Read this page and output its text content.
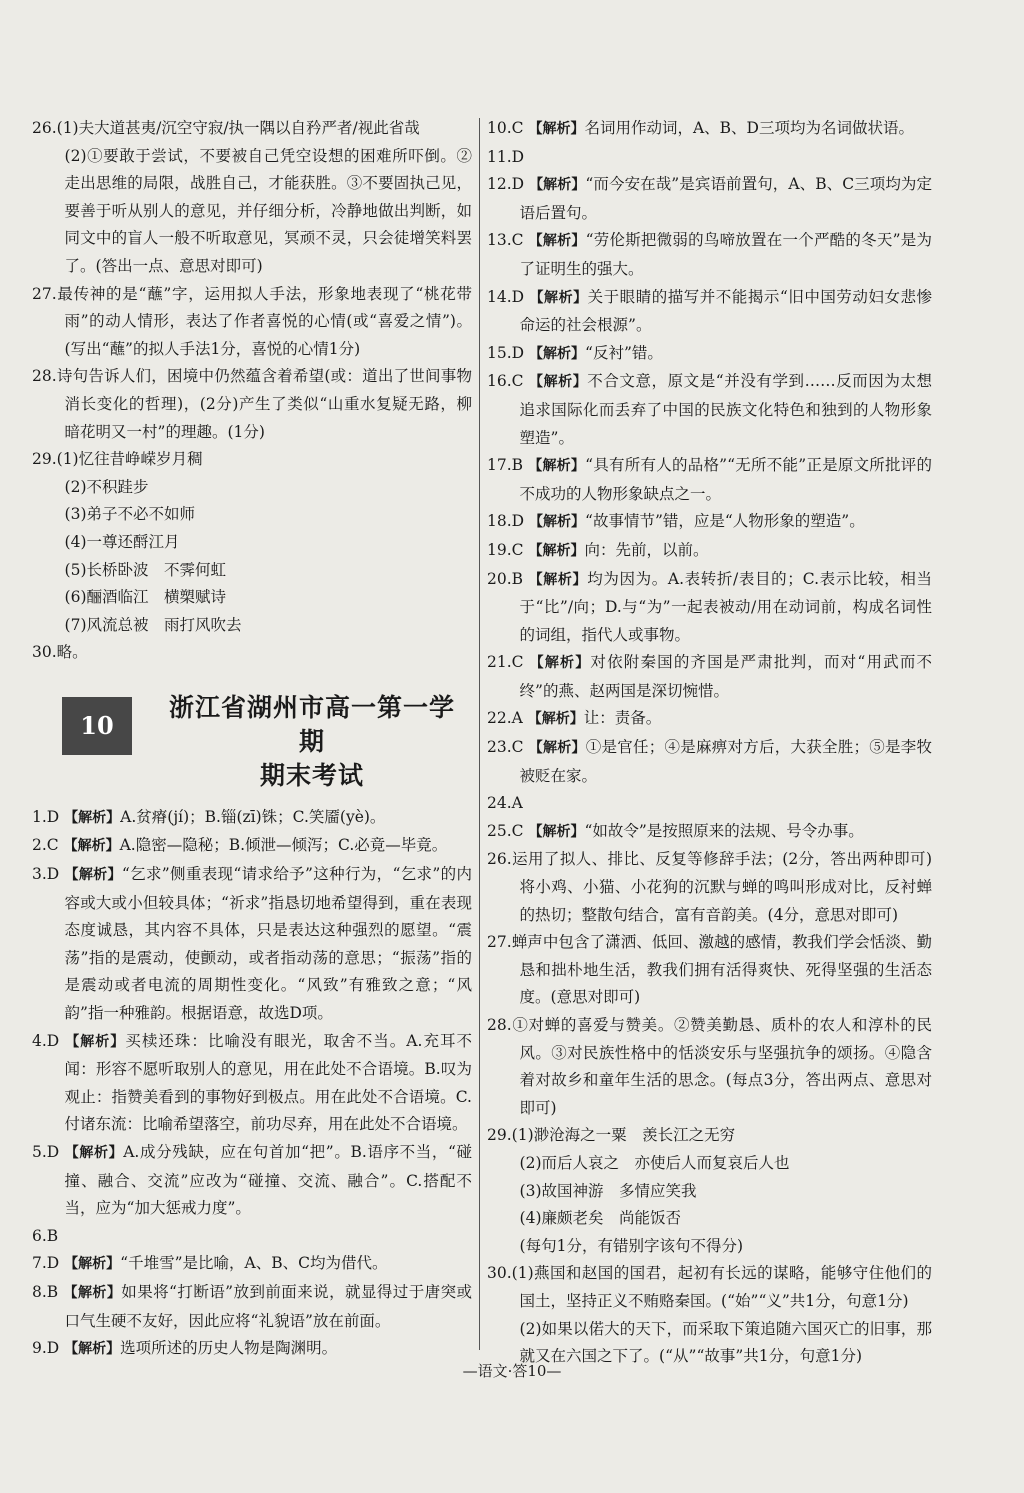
26.(1)夫大道甚夷/沉空守寂/执一隅以自矜严者/视此省哉

(2)①要敢于尝试，不要被自己凭空设想的困难所吓倒。②走出思维的局限，战胜自己，才能获胜。③不要固执己见，要善于听从别人的意见，并仔细分析，冷静地做出判断，如同文中的盲人一般不听取意见，冥顽不灵，只会徒增笑料罢了。(答出一点、意思对即可)

27.最传神的是“蘸”字，运用拟人手法，形象地表现了“桃花带雨”的动人情形，表达了作者喜悦的心情(或“喜爱之情”)。(写出“蘸”的拟人手法1分，喜悦的心情1分)

28.诗句告诉人们，困境中仍然蕴含着希望(或：道出了世间事物消长变化的哲理)，(2分)产生了类似“山重水复疑无路，柳暗花明又一村”的理趣。(1分)

29.(1)忆往昔峥嵘岁月稠

(2)不积跬步

(3)弟子不必不如师

(4)一尊还酹江月

(5)长桥卧波　不霁何虹

(6)酾酒临江　横槊赋诗

(7)风流总被　雨打风吹去

30.略。

10
浙江省湖州市高一第一学期
期末考试

1.D 【解析】A.贫瘠(jí)；B.锱(zī)铢；C.笑靥(yè)。

2.C 【解析】A.隐密—隐秘；B.倾泄—倾泻；C.必竟—毕竟。

3.D 【解析】“乞求”侧重表现“请求给予”这种行为，“乞求”的内容或大或小但较具体；“祈求”指恳切地希望得到，重在表现态度诚恳，其内容不具体，只是表达这种强烈的愿望。“震荡”指的是震动，使颤动，或者指动荡的意思；“振荡”指的是震动或者电流的周期性变化。“风致”有雅致之意；“风韵”指一种雅韵。根据语意，故选D项。

4.D 【解析】买椟还珠：比喻没有眼光，取舍不当。A.充耳不闻：形容不愿听取别人的意见，用在此处不合语境。B.叹为观止：指赞美看到的事物好到极点。用在此处不合语境。C.付诸东流：比喻希望落空，前功尽弃，用在此处不合语境。

5.D 【解析】A.成分残缺，应在句首加“把”。B.语序不当，“碰撞、融合、交流”应改为“碰撞、交流、融合”。C.搭配不当，应为“加大惩戒力度”。

6.B

7.D 【解析】“千堆雪”是比喻，A、B、C均为借代。

8.B 【解析】如果将“打断语”放到前面来说，就显得过于唐突或口气生硬不友好，因此应将“礼貌语”放在前面。

9.D 【解析】选项所述的历史人物是陶渊明。

10.C 【解析】名词用作动词，A、B、D三项均为名词做状语。

11.D

12.D 【解析】“而今安在哉”是宾语前置句，A、B、C三项均为定语后置句。

13.C 【解析】“劳伦斯把微弱的鸟啼放置在一个严酷的冬天”是为了证明生的强大。

14.D 【解析】关于眼睛的描写并不能揭示“旧中国劳动妇女悲惨命运的社会根源”。

15.D 【解析】“反衬”错。

16.C 【解析】不合文意，原文是“并没有学到……反而因为太想追求国际化而丢弃了中国的民族文化特色和独到的人物形象塑造”。

17.B 【解析】“具有所有人的品格”“无所不能”正是原文所批评的不成功的人物形象缺点之一。

18.D 【解析】“故事情节”错，应是“人物形象的塑造”。

19.C 【解析】向：先前，以前。

20.B 【解析】均为因为。A.表转折/表目的；C.表示比较，相当于“比”/向；D.与“为”一起表被动/用在动词前，构成名词性的词组，指代人或事物。

21.C 【解析】对依附秦国的齐国是严肃批判，而对“用武而不终”的燕、赵两国是深切惋惜。

22.A 【解析】让：责备。

23.C 【解析】①是官任；④是麻痹对方后，大获全胜；⑤是李牧被贬在家。

24.A

25.C 【解析】“如故令”是按照原来的法规、号令办事。

26.运用了拟人、排比、反复等修辞手法；(2分，答出两种即可)将小鸡、小猫、小花狗的沉默与蝉的鸣叫形成对比，反衬蝉的热切；整散句结合，富有音韵美。(4分，意思对即可)

27.蝉声中包含了潇洒、低回、激越的感情，教我们学会恬淡、勤恳和拙朴地生活，教我们拥有活得爽快、死得坚强的生活态度。(意思对即可)

28.①对蝉的喜爱与赞美。②赞美勤恳、质朴的农人和淳朴的民风。③对民族性格中的恬淡安乐与坚强抗争的颂扬。④隐含着对故乡和童年生活的思念。(每点3分，答出两点、意思对即可)

29.(1)渺沧海之一粟　羡长江之无穷

(2)而后人哀之　亦使后人而复哀后人也

(3)故国神游　多情应笑我

(4)廉颇老矣　尚能饭否

(每句1分，有错别字该句不得分)

30.(1)燕国和赵国的国君，起初有长远的谋略，能够守住他们的国土，坚持正义不贿赂秦国。(“始”“义”共1分，句意1分)

(2)如果以偌大的天下，而采取下策追随六国灭亡的旧事，那就又在六国之下了。(“从”“故事”共1分，句意1分)

—语文·答10—
